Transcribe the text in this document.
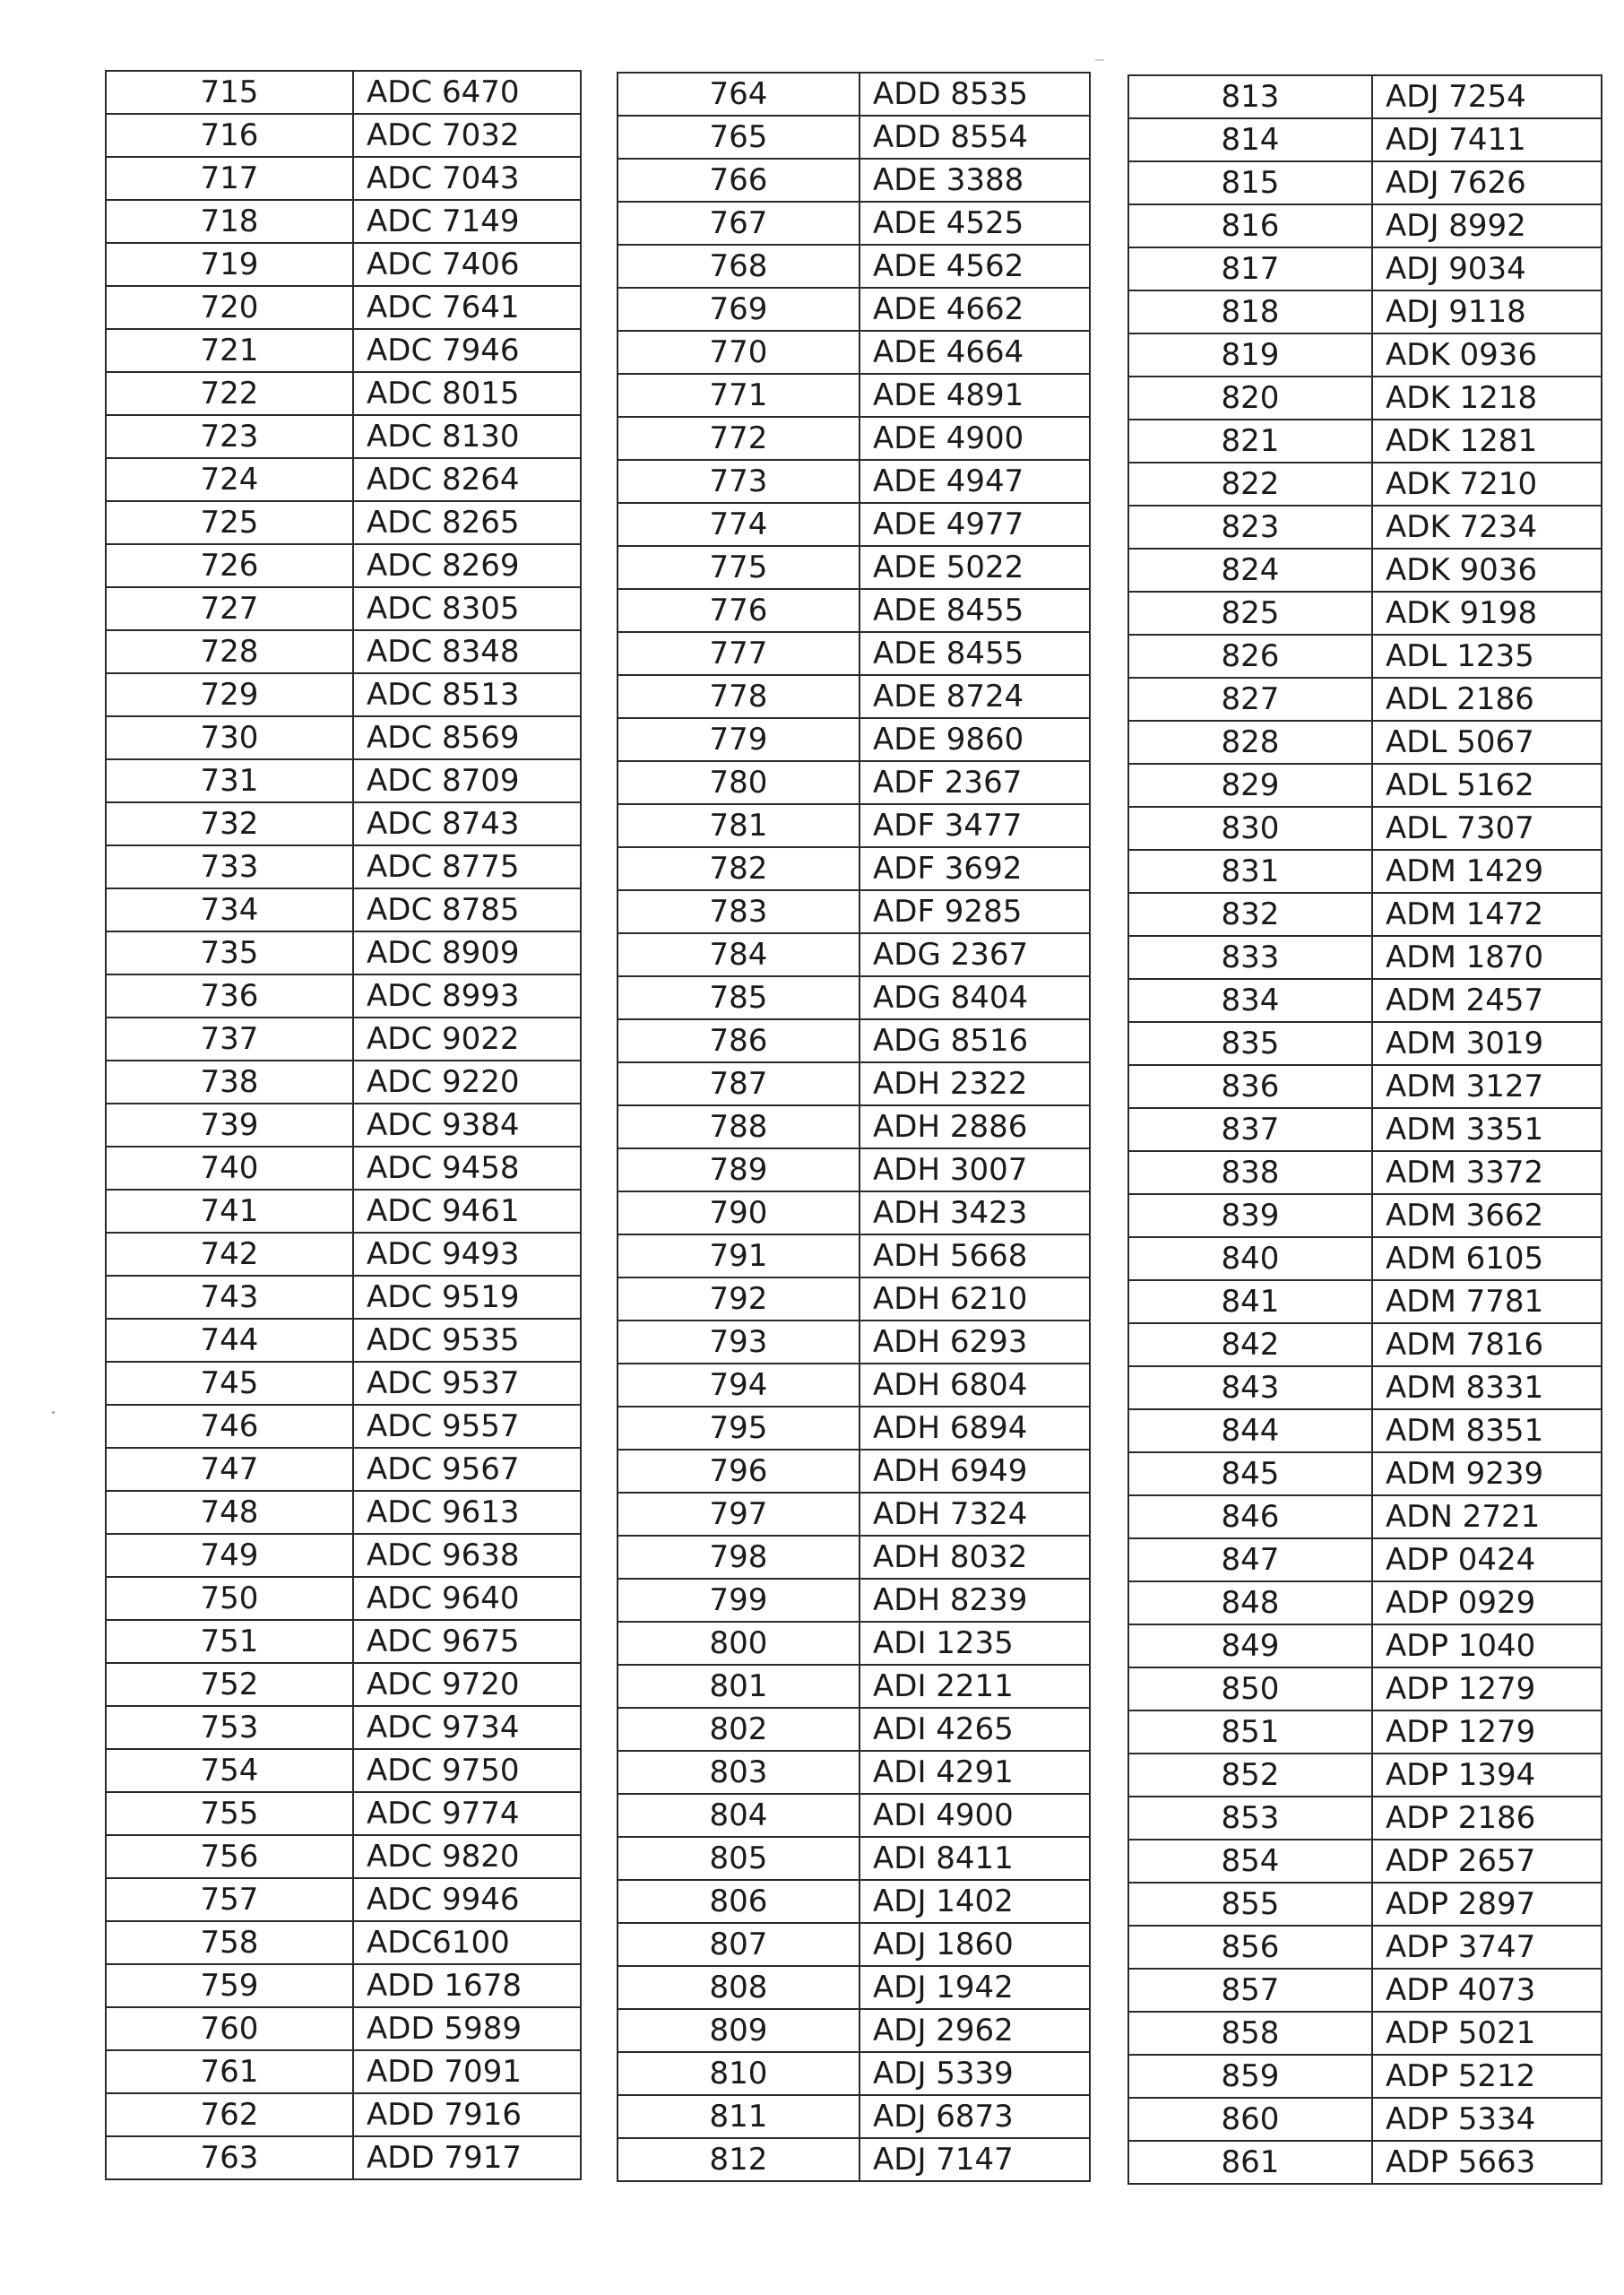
715	ADC 6470
716	ADC 7032
717	ADC 7043
718	ADC 7149
719	ADC 7406
720	ADC 7641
721	ADC 7946
722	ADC 8015
723	ADC 8130
724	ADC 8264
725	ADC 8265
726	ADC 8269
727	ADC 8305
728	ADC 8348
729	ADC 8513
730	ADC 8569
731	ADC 8709
732	ADC 8743
733	ADC 8775
734	ADC 8785
735	ADC 8909
736	ADC 8993
737	ADC 9022
738	ADC 9220
739	ADC 9384
740	ADC 9458
741	ADC 9461
742	ADC 9493
743	ADC 9519
744	ADC 9535
745	ADC 9537
746	ADC 9557
747	ADC 9567
748	ADC 9613
749	ADC 9638
750	ADC 9640
751	ADC 9675
752	ADC 9720
753	ADC 9734
754	ADC 9750
755	ADC 9774
756	ADC 9820
757	ADC 9946
758	ADC6100
759	ADD 1678
760	ADD 5989
761	ADD 7091
762	ADD 7916
763	ADD 7917
764	ADD 8535
765	ADD 8554
766	ADE 3388
767	ADE 4525
768	ADE 4562
769	ADE 4662
770	ADE 4664
771	ADE 4891
772	ADE 4900
773	ADE 4947
774	ADE 4977
775	ADE 5022
776	ADE 8455
777	ADE 8455
778	ADE 8724
779	ADE 9860
780	ADF 2367
781	ADF 3477
782	ADF 3692
783	ADF 9285
784	ADG 2367
785	ADG 8404
786	ADG 8516
787	ADH 2322
788	ADH 2886
789	ADH 3007
790	ADH 3423
791	ADH 5668
792	ADH 6210
793	ADH 6293
794	ADH 6804
795	ADH 6894
796	ADH 6949
797	ADH 7324
798	ADH 8032
799	ADH 8239
800	ADI 1235
801	ADI 2211
802	ADI 4265
803	ADI 4291
804	ADI 4900
805	ADI 8411
806	ADJ 1402
807	ADJ 1860
808	ADJ 1942
809	ADJ 2962
810	ADJ 5339
811	ADJ 6873
812	ADJ 7147
813	ADJ 7254
814	ADJ 7411
815	ADJ 7626
816	ADJ 8992
817	ADJ 9034
818	ADJ 9118
819	ADK 0936
820	ADK 1218
821	ADK 1281
822	ADK 7210
823	ADK 7234
824	ADK 9036
825	ADK 9198
826	ADL 1235
827	ADL 2186
828	ADL 5067
829	ADL 5162
830	ADL 7307
831	ADM 1429
832	ADM 1472
833	ADM 1870
834	ADM 2457
835	ADM 3019
836	ADM 3127
837	ADM 3351
838	ADM 3372
839	ADM 3662
840	ADM 6105
841	ADM 7781
842	ADM 7816
843	ADM 8331
844	ADM 8351
845	ADM 9239
846	ADN 2721
847	ADP 0424
848	ADP 0929
849	ADP 1040
850	ADP 1279
851	ADP 1279
852	ADP 1394
853	ADP 2186
854	ADP 2657
855	ADP 2897
856	ADP 3747
857	ADP 4073
858	ADP 5021
859	ADP 5212
860	ADP 5334
861	ADP 5663
